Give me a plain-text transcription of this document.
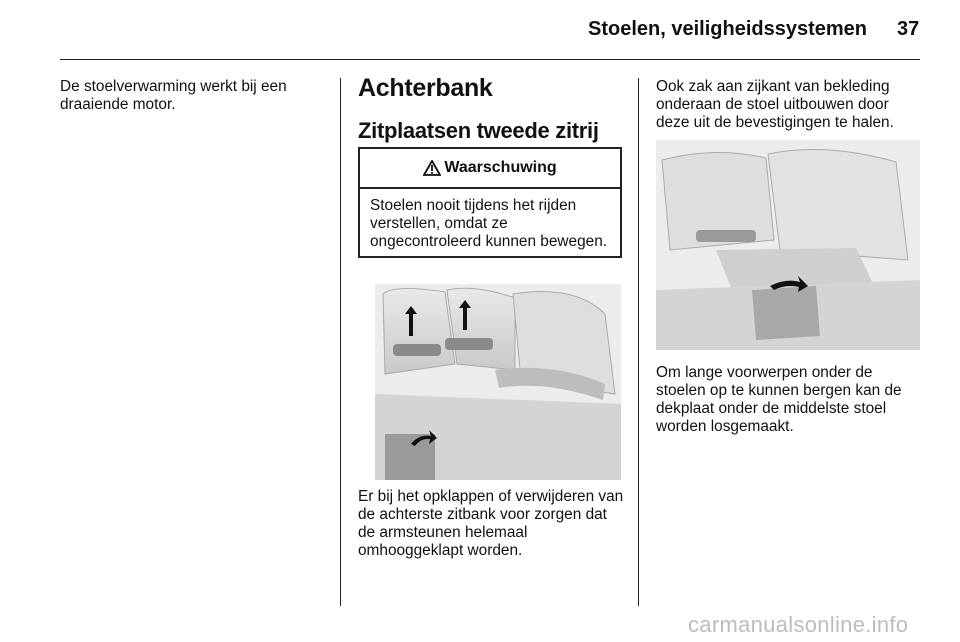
Stoelen, veiligheidssystemen 37

De stoelverwarming werkt bij een draaiende motor.

Achterbank
Zitplaatsen tweede zitrij
Waarschuwing
Stoelen nooit tijdens het rijden verstellen, omdat ze ongecontroleerd kunnen bewegen.

Er bij het opklappen of verwijderen van de achterste zitbank voor zorgen dat de armsteunen helemaal omhooggeklapt worden.

Ook zak aan zijkant van bekleding onderaan de stoel uitbouwen door deze uit de bevestigingen te halen.

Om lange voorwerpen onder de stoelen op te kunnen bergen kan de dekplaat onder de middelste stoel worden losgemaakt.

carmanualsonline.info
